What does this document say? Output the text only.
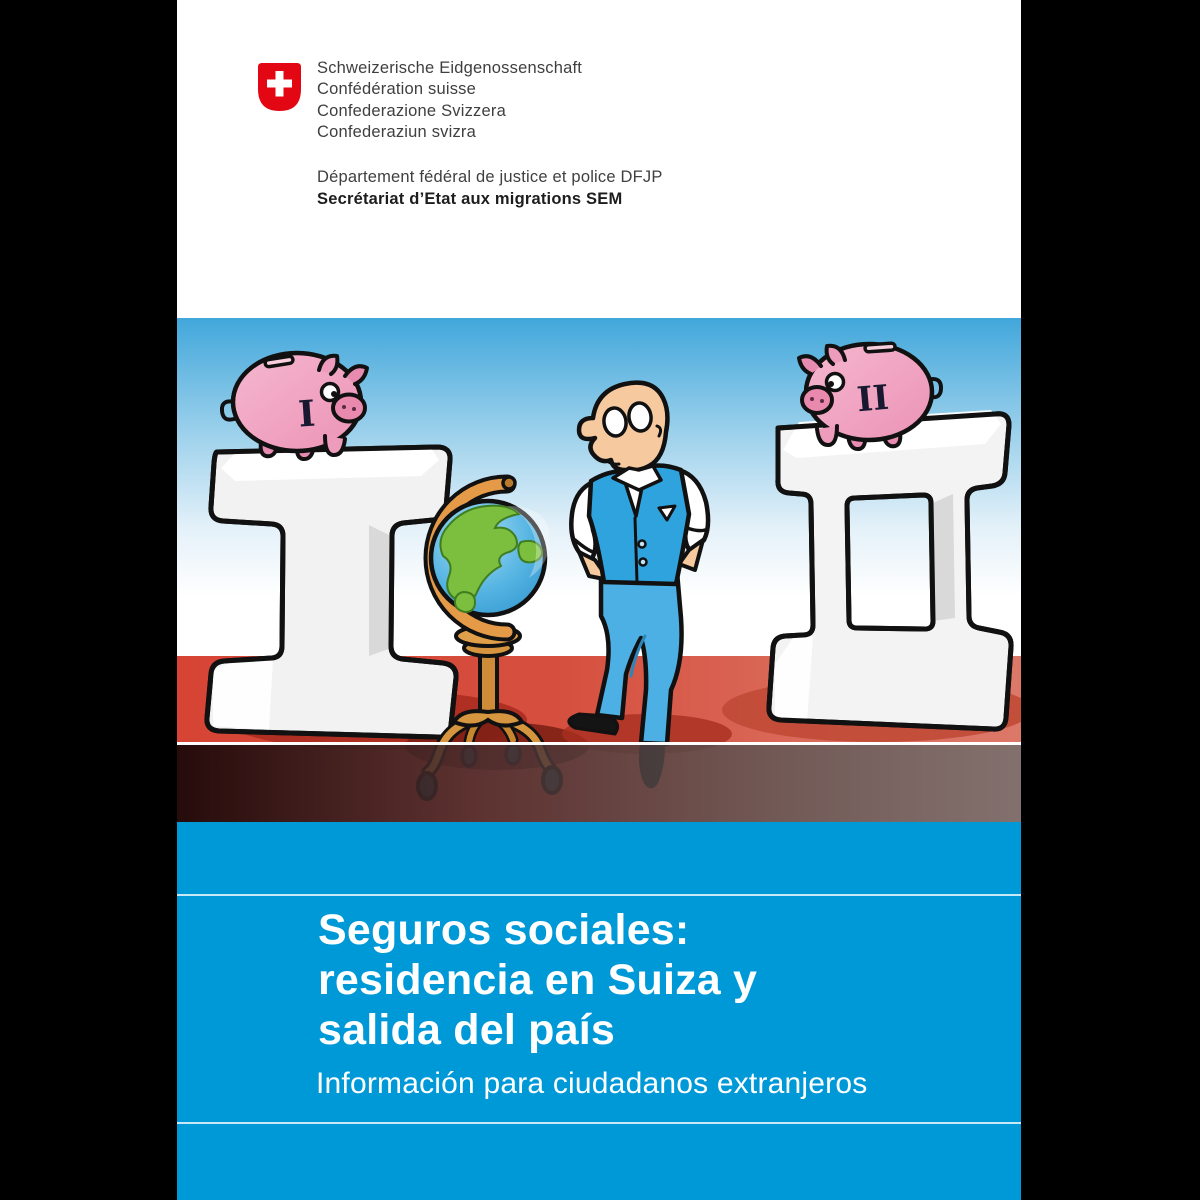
Schweizerische Eidgenossenschaft
Confédération suisse
Confederazione Svizzera
Confederaziun svizra
Département fédéral de justice et police DFJP
Secrétariat d’Etat aux migrations SEM
I	II
Seguros sociales:
residencia en Suiza y
salida del país
Información para ciudadanos extranjeros
